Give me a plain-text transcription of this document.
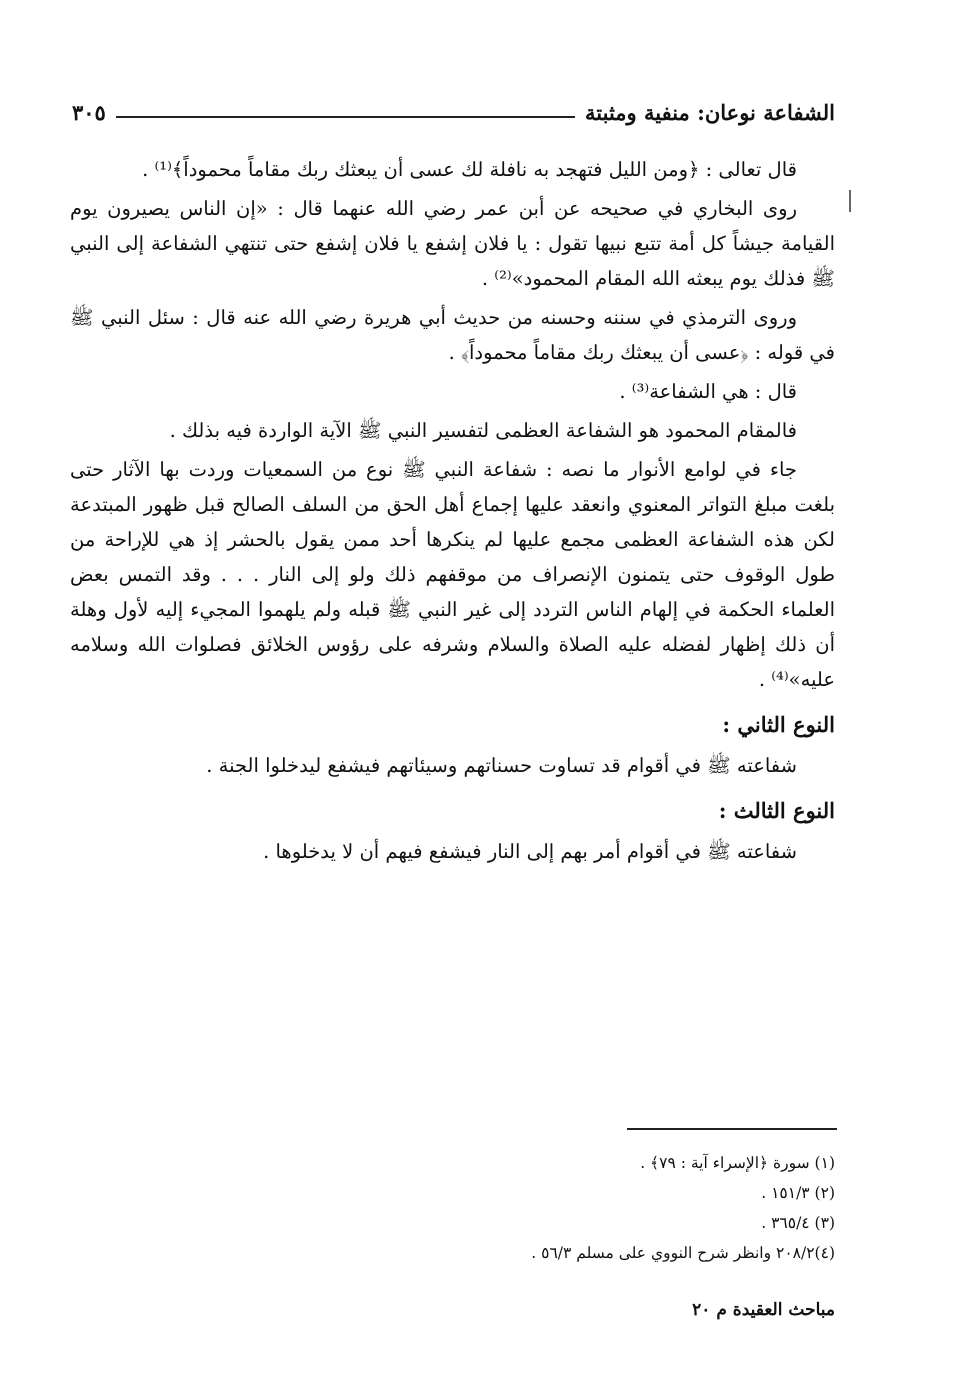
الشفاعة نوعان: منفية ومثبتة
٣٠٥

قال تعالى : ﴿ومن الليل فتهجد به نافلة لك عسى أن يبعثك ربك مقاماً محموداً﴾⁽¹⁾ .

روى البخاري في صحيحه عن أبن عمر رضي الله عنهما قال : «إن الناس يصيرون يوم القيامة جيشاً كل أمة تتبع نبيها تقول : يا فلان إشفع يا فلان إشفع حتى تنتهي الشفاعة إلى النبي ﷺ فذلك يوم يبعثه الله المقام المحمود»⁽²⁾ .

وروى الترمذي في سننه وحسنه من حديث أبي هريرة رضي الله عنه قال : سئل النبي ﷺ في قوله : ﴿عسى أن يبعثك ربك مقاماً محموداً﴾ .

قال : هي الشفاعة⁽³⁾ .

فالمقام المحمود هو الشفاعة العظمى لتفسير النبي ﷺ الآية الواردة فيه بذلك .

جاء في لوامع الأنوار ما نصه : شفاعة النبي ﷺ نوع من السمعيات وردت بها الآثار حتى بلغت مبلغ التواتر المعنوي وانعقد عليها إجماع أهل الحق من السلف الصالح قبل ظهور المبتدعة لكن هذه الشفاعة العظمى مجمع عليها لم ينكرها أحد ممن يقول بالحشر إذ هي للإراحة من طول الوقوف حتى يتمنون الإنصراف من موقفهم ذلك ولو إلى النار . . . وقد التمس بعض العلماء الحكمة في إلهام الناس التردد إلى غير النبي ﷺ قبله ولم يلهموا المجيء إليه لأول وهلة أن ذلك إظهار لفضله عليه الصلاة والسلام وشرفه على رؤوس الخلائق فصلوات الله وسلامه عليه»⁽⁴⁾ .

النوع الثاني :

شفاعته ﷺ في أقوام قد تساوت حسناتهم وسيئاتهم فيشفع ليدخلوا الجنة .

النوع الثالث :

شفاعته ﷺ في أقوام أمر بهم إلى النار فيشفع فيهم أن لا يدخلوها .

(١) سورة ﴿الإسراء آية : ٧٩﴾ .
(٢) ١٥١/٣ .
(٣) ٣٦٥/٤ .
(٤)٢٠٨/٢ وانظر شرح النووي على مسلم ٥٦/٣ .
مباحث العقيدة م ٢٠
